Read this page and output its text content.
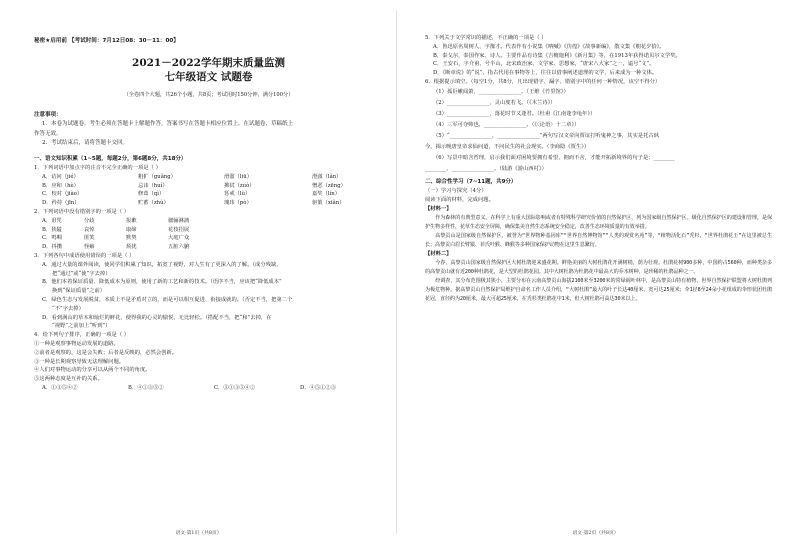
秘密★启用前 【考试时间：7月12日08：30－11：00】
2021－2022学年期末质量监测
七年级语文 试题卷
（全卷四个大题，共26个小题，共8页；考试用时150分钟，满分100分）
注意事项：
1．本卷为试题卷。考生必须在答题卡上解题作答。答案书写在答题卡相应位置上，在试题卷、草稿纸上
作答无效。
2．考试结束后，请将答题卡交回。
一、语文知识积累（1~5题，每题2分，第6题8分，共18分）
1．下列词语中加点字的注音不完全正确的一项是（ ）
A．诘问（jié）	粗犷（guǎng）	滑溜（liū）	澄澈（lǎn）
B．应和（hè）	忌讳（huì）	拂拭（zuò）	憎恶（zēng）
C．校对（jiào）	修葺（qì）	惩戒（lù）	嘉奖（lín）
D．矜持（jīn）	贮蓄（zhù）	瑰玮（pò）	驱策（xiǎn）
2．下列词语中没有错别字的一项是（ ）
A．诅咒	分歧	报歉	骝骊淋漓
B．狭隘	哀悼	取缔	花枝招展
C．鸣啁	匿笑	默契	大庭广众
D．抖擞	怪癖	烦扰	五脏六腑
3．下列各句中成语使用错误的一项是（ ）
A．通过大量的课外阅读，使同学们积累了知识，拓宽了视野，对人生有了更深入的了解。（成分残缺，
把“通过”或“使”字去掉）
B．他们本着保证质量、降低成本为原则，使用了新的工艺和新的技术。（语序不当，应该把“降低成本”
换到“保证质量”之前）
C．绿色生态与发展脱贫，本质上不是矛盾对立的，而是可以相互促进、衔接成就的。（否定不当，把第二个
“不”字去掉）
D．看到满山的草木和灿烂的鲜花，使得我的心灵的愉悦，无比轻松。（搭配不当，把“和”去掉，在
“视野”之前加上“听到”）
4．给下列句子排序，正确的一项是（ ）
①一种是观察事物运动发展的道路。
②前者是观察的，这是会失败；后者是反映的，必然会创新。
③一种是长期观察导致无法理解问题。
④人们对事物运动的分享可以从两个不同的角度。
⑤这两种态度是互补的关系。
A．①③⑤④②	B．④①③⑤②	C．⑤①③⑤④②	D．④⑤①②③
语文·第1页（共8页）
5．下列关于文学常识的描述，不正确的一项是（ ）
A．鲁迅原名周树人，字豫才。代表作有小说集《呐喊》《彷徨》《故事新编》，散文集《朝花夕拾》。
B．泰戈尔，泰国作家、诗人。主要作品有诗集《吉檀迦利》《新月集》等，在1913年获得诺贝尔文学奖。
C．王安石，字介甫，号半山，北宋政治家、文学家、思想家，“唐宋八大家”之一，谥号“文”。
D．《断章说》的“说”，指古代用在事物等上，往往以借事阐述道理的文学，后来成为一种文体。
6．根据提示填空。（每空1分，共8分，凡出现错字、漏字、错别字中的任何一种情况，该空不得分）
（1）孤臣嫩闻萧，________________。（王维《竹里馆》）
（2）________________，灵山度若飞。（《木兰诗》）
（3）________________，落花时节又逢君。（杜甫《江南逢李龟年》）
（4）三军可夺帅也，________________。（《〈论语〉十二章》）
（5）“________________，________________”两句写汉文帝向贾谊打听鬼神之事，其实是托古讽
今，揭示晚唐皇帝求仙问道，不问民生的社会现实。（李商隐《贾生》）
（6）写景中暗含哲理，启示我们面对困境要拥有希望，拥而不舍，才能开拓新境界的句子是：________
________，________________。（陆游《游山西村》）
二、综合性学习（7~11题，共9分）
（一）学习与探究（4分）
阅读下面的材料，完成问题。
【材料一】

作为森林的有典型意义。在科学上有重大国际影响或者有特殊科学研究价值的自然保护区，列为国家级自然保护区。级化自然保护区的建设和管理，是保护生物多样性，花草生态安全屏障，确保集美自然生态系统安全稳定，改善生态环境质量的有效举措。

高黎贡山是国家级自然保护区，被誉为“世界物种基因库”“世界自然博物馆”“人类的观赏名苑”等，“植物活化石”秃杉，“世界杜鹃花王”在这里被总生长；高黎贡白眉长臂猿、菲氏叶猴、蜂猴等多种国家保护动物在这里生息繁衍。

【材料二】

今春，高黎贡山国家级自然保护区大树杜鹃迎来盛花期。鲜艳美丽的大树杜鹃花开满树梢，荫为壮观。杜鹃花树900多种，中国约占560种，而种类杂多的高黎贡山就有近200种杜鹃花，是大型的杜鹃花园。其中大树杜鹃为杜鹃花中最高大的乔木树种，是珍稀的杜鹃品种之一。

经调查，其分布范围极其狭小，主要分布在云南高黎贡山海拔2100米至3200米的常绿阔叶林中，是高黎贡山特有植物，世界自然保护联盟将大树杜鹃列为极危物种。据高黎贡山自然保护局维护自命名工作人员介绍，“大树杜鹃”最大的叶子长达40厘米，宽可达25厘米；伞1径8至24朵小花组成的伞形状团杜鹃花冠，直径约为20厘米，最大可超25厘米，在秃杉类杜鹃花中1米，但大树杜鹃可高达30米以上。

语文·第2页（共8页）
